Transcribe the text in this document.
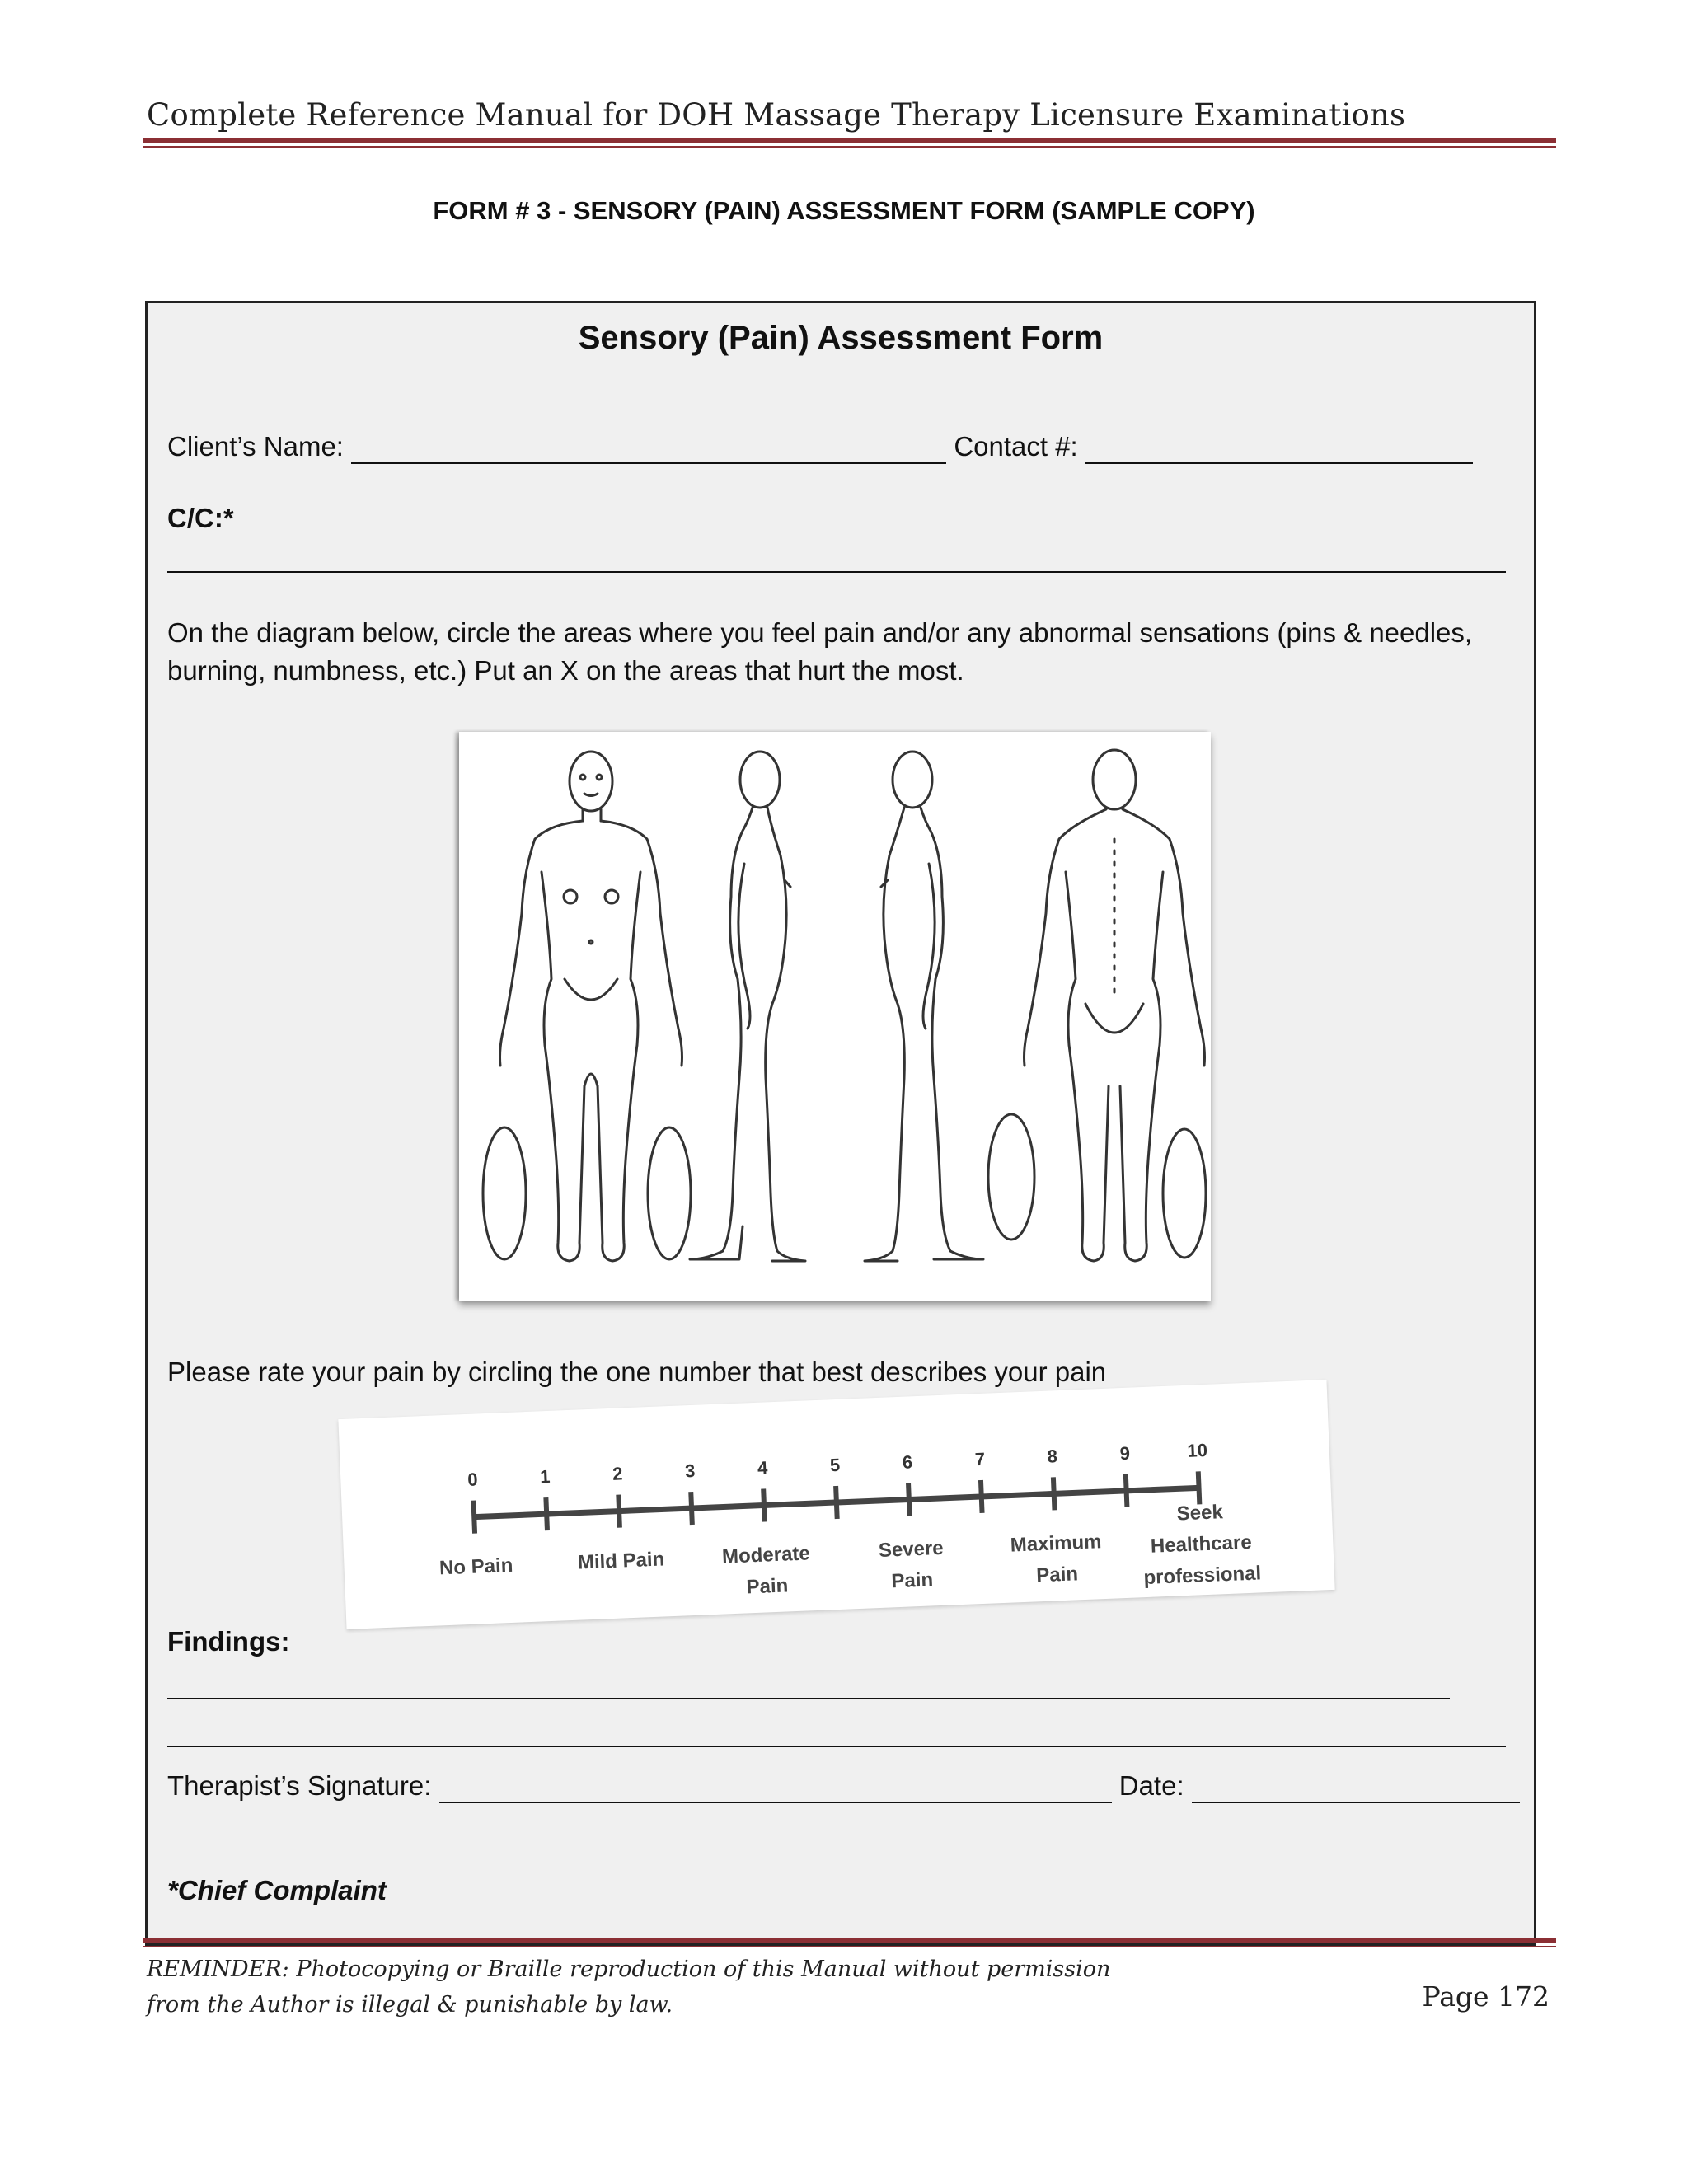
Complete Reference Manual for DOH Massage Therapy Licensure Examinations
FORM # 3 - SENSORY (PAIN) ASSESSMENT FORM (SAMPLE COPY)
Sensory (Pain) Assessment Form
Client’s Name:	Contact #:
C/C:*
On the diagram below, circle the areas where you feel pain and/or any abnormal sensations (pins & needles, burning, numbness, etc.) Put an X on the areas that hurt the most.
Please rate your pain by circling the one number that best describes your pain
0	1	2	3	4	5	6	7	8	9	10
No Pain	Mild Pain	Moderate
Pain
Severe
Pain
Maximum
Pain
Seek
Healthcare
professional
Findings:
Therapist’s Signature:	Date:
*Chief Complaint
REMINDER: Photocopying or Braille reproduction of this Manual without permission
from the Author is illegal & punishable by law.	Page 172
